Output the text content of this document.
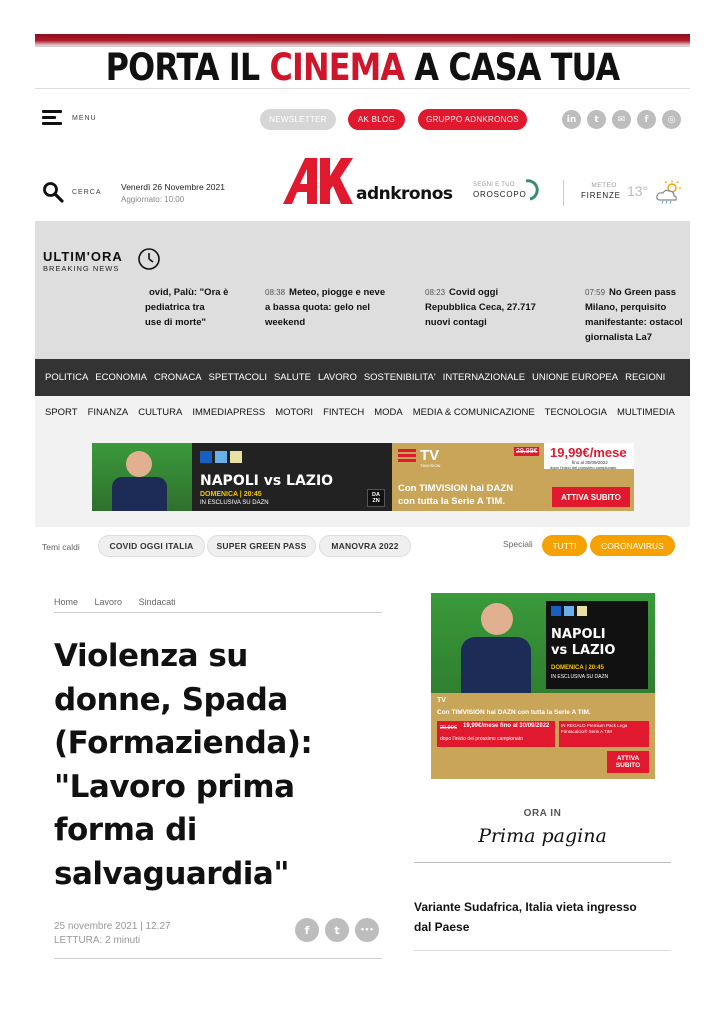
PORTA IL CINEMA A CASA TUA
MENU	NEWSLETTER	AK BLOG	GRUPPO ADNKRONOS	in	t	✉	f	◎
CERCA Venerdì 26 Novembre 2021
Aggiornato: 10:00	adnkronos	SEGNI E TUO
OROSCOPO
METEO
FIRENZE 13°
ULTIM'ORA
BREAKING NEWS
ovid, Palù: "Ora è
pediatrica tra
use di morte"
08:38 Meteo, piogge e neve
a bassa quota: gelo nel
weekend
08:23 Covid oggi
Repubblica Ceca, 27.717
nuovi contagi
07:59 No Green pass
Milano, perquisito
manifestante: ostacol
giornalista La7
POLITICA ECONOMIA CRONACA SPETTACOLI SALUTE LAVORO SOSTENIBILITA' INTERNAZIONALE UNIONE EUROPEA REGIONI
SPORT FINANZA CULTURA IMMEDIAPRESS MOTORI FINTECH MODA MEDIA & COMUNICAZIONE TECNOLOGIA MULTIMEDIA
NAPOLI vs LAZIO
DOMENICA | 20:45
IN ESCLUSIVA SU DAZN
DA ZN
TV
TIMVISION
29,99€ 19,99€/mese
fino al 30/09/2022
dopo l'inizio del prossimo campionato
Con TIMVISION hai DAZN
con tutta la Serie A TIM.	ATTIVA SUBITO
Temi caldi	COVID OGGI ITALIA	SUPER GREEN PASS	MANOVRA 2022	Speciali	TUTTI	CORONAVIRUS
Home Lavoro Sindacati
Violenza su donne, Spada (Formazienda): "Lavoro prima forma di salvaguardia"
25 novembre 2021 | 12.27
LETTURA: 2 minuti
f	t	•••
NAPOLI
vs LAZIO
DOMENICA | 20:45
IN ESCLUSIVA SU DAZN
TV
Con TIMVISION hai DAZN con tutta la Serie A TIM.
29,99€ 19,99€/mese fino al 30/09/2022
dopo l'inizio del prossimo campionato
IN REGALO Premium Pack Lega Fantacalcio® Serie A TIM
ATTIVA SUBITO
ORA IN
Prima pagina
Variante Sudafrica, Italia vieta ingresso dal Paese
